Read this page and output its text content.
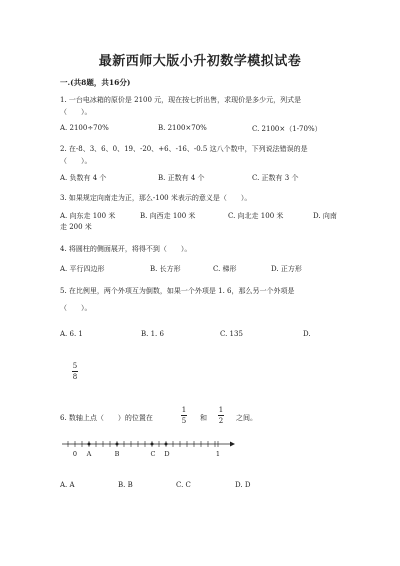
最新西师大版小升初数学模拟试卷
一.(共8题，共16分)
1. 一台电冰箱的原价是 2100 元，现在按七折出售，求现价是多少元，列式是
（　　）。
A. 2100÷70%	B. 2100×70%	C. 2100×（1-70%）
2. 在-8、3、6、0、19、-20、+6、-16、-0.5 这八个数中，下列说法错误的是
（　　）。
A. 负数有 4 个	B. 正数有 4 个	C. 正数有 3 个
3. 如果规定向南走为正，那么-100 米表示的意义是（　　）。
A. 向东走 100 米	B. 向西走 100 米	C. 向北走 100 米	D. 向南
走 200 米
4. 将圆柱的侧面展开，将得不到（　　）。
A. 平行四边形	B. 长方形	C. 梯形	D. 正方形
5. 在比例里，两个外项互为倒数，如果一个外项是 1. 6，那么另一个外项是
（　　）。
A. 6. 1	B. 1. 6	C. 135	D.
5
8
6. 数轴上点（　　）的位置在
1
5 和
1
2 之间。
0 A	B	C D	1
A. A	B. B	C. C	D. D
